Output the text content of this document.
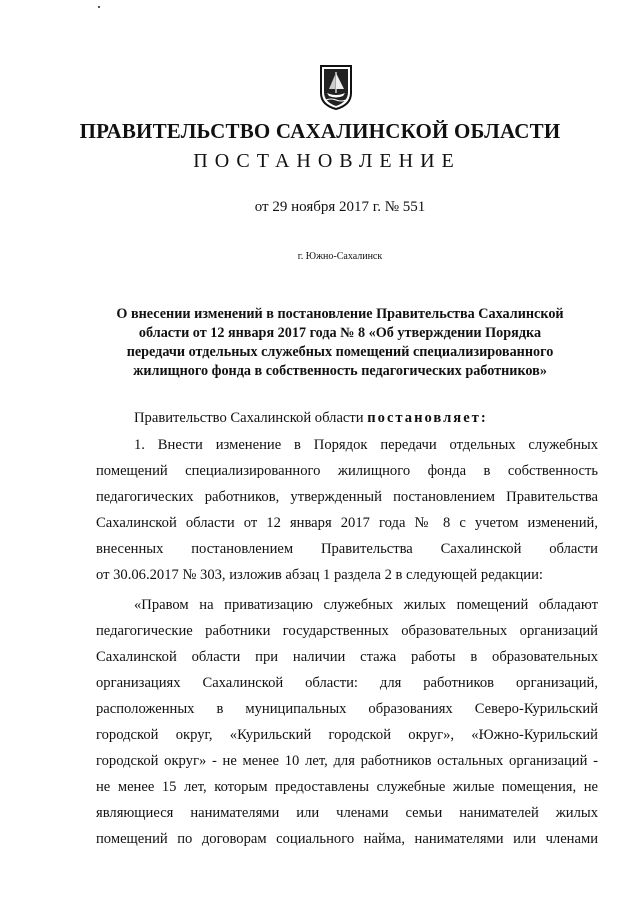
ПРАВИТЕЛЬСТВО САХАЛИНСКОЙ ОБЛАСТИ
ПОСТАНОВЛЕНИЕ
от 29 ноября 2017 г. № 551
г. Южно-Сахалинск
О внесении изменений в постановление Правительства Сахалинской
области от 12 января 2017 года № 8 «Об утверждении Порядка
передачи отдельных служебных помещений специализированного
жилищного фонда в собственность педагогических работников»
Правительство Сахалинской области постановляет:
1. Внести изменение в Порядок передачи отдельных служебных
помещений специализированного жилищного фонда в собственность
педагогических работников, утвержденный постановлением Правительства
Сахалинской области от 12 января 2017 года № 8 с учетом изменений,
внесенных постановлением Правительства Сахалинской области
от 30.06.2017 № 303, изложив абзац 1 раздела 2 в следующей редакции:
«Правом на приватизацию служебных жилых помещений обладают
педагогические работники государственных образовательных организаций
Сахалинской области при наличии стажа работы в образовательных
организациях Сахалинской области: для работников организаций,
расположенных в муниципальных образованиях Северо-Курильский
городской округ, «Курильский городской округ», «Южно-Курильский
городской округ» - не менее 10 лет, для работников остальных организаций -
не менее 15 лет, которым предоставлены служебные жилые помещения, не
являющиеся нанимателями или членами семьи нанимателей жилых
помещений по договорам социального найма, нанимателями или членами
